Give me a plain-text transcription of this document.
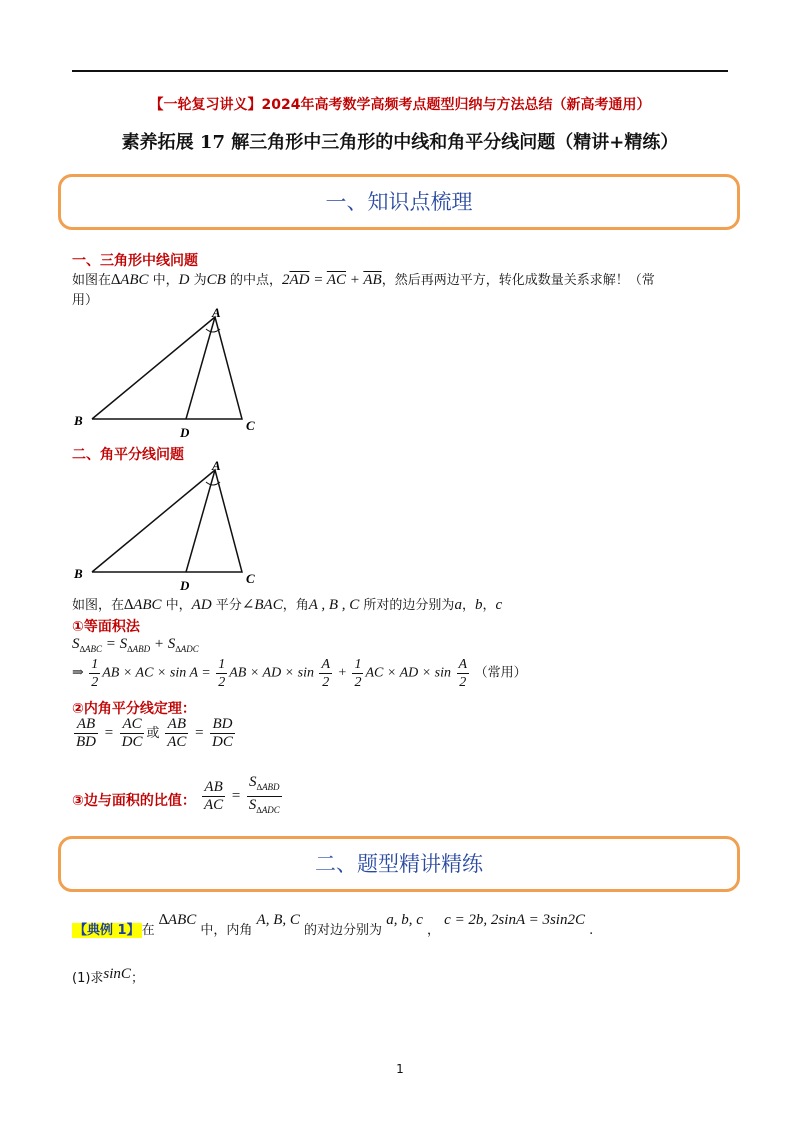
【一轮复习讲义】2024年高考数学高频考点题型归纳与方法总结（新高考通用）
素养拓展 17 解三角形中三角形的中线和角平分线问题（精讲+精练）
一、知识点梳理
一、三角形中线问题
如图在∆ABC 中，D 为CB 的中点，$2\overline{AD} = \overline{AC} + \overline{AB}$，然后再两边平方，转化成数量关系求解！（常
用）
A
B	C
D
二、角平分线问题
A
B	C
D
如图，在∆ABC 中，AD 平分∠BAC，角A , B , C 所对的边分别为a，b，c
①等面积法
$S_{\Delta ABC} = S_{\Delta ABD} + S_{\Delta ADC}$
⇒ $\frac{1}{2}$ AB × AC × $\sin A = \frac{1}{2}$ AB × AD × $\sin \frac{A}{2} + \frac{1}{2}$ AC × AD × $\sin \frac{A}{2}$ （常用）
②内角平分线定理：
$\frac{AB}{BD} = \frac{AC}{DC}$ 或 $\frac{AB}{AC} = \frac{BD}{DC}$
③边与面积的比值： $\frac{AB}{AC} = \frac{S_{\Delta ABD}}{S_{\Delta ADC}}$
二、题型精讲精练
【典例 1】 在 ∆ABC 中，内角 A, B, C 的对边分别为 a, b, c ， c = 2b, 2sinA = 3sin2C .
(1)求sinC；
1
